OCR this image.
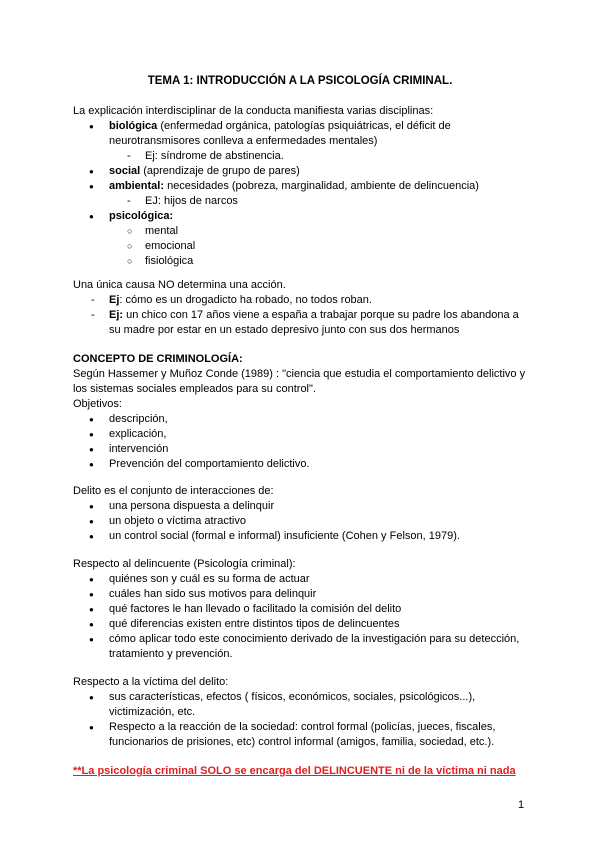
TEMA 1: INTRODUCCIÓN A LA PSICOLOGÍA CRIMINAL.

La explicación interdisciplinar de la conducta manifiesta varias disciplinas:

● biológica (enfermedad orgánica, patologías psiquiátricas, el déficit de neurotransmisores conlleva a enfermedades mentales)
- Ej: síndrome de abstinencia.
● social (aprendizaje de grupo de pares)
● ambiental: necesidades (pobreza, marginalidad, ambiente de delincuencia)
- EJ: hijos de narcos
● psicológica:
○ mental
○ emocional
○ fisiológica

Una única causa NO determina una acción.

- Ej: cómo es un drogadicto ha robado, no todos roban.
- Ej: un chico con 17 años viene a españa a trabajar porque su padre los abandona a su madre por estar en un estado depresivo junto con sus dos hermanos

CONCEPTO DE CRIMINOLOGÍA:

Según Hassemer y Muñoz Conde (1989) : "ciencia que estudia el comportamiento delictivo y los sistemas sociales empleados para su control".

Objetivos:

● descripción,
● explicación,
● intervención
● Prevención del comportamiento delictivo.

Delito es el conjunto de interacciones de:

● una persona dispuesta a delinquir
● un objeto o víctima atractivo
● un control social (formal e informal) insuficiente (Cohen y Felson, 1979).

Respecto al delincuente (Psicología criminal):

● quiénes son y cuál es su forma de actuar
● cuáles han sido sus motivos para delinquir
● qué factores le han llevado o facilitado la comisión del delito
● qué diferencias existen entre distintos tipos de delincuentes
● cómo aplicar todo este conocimiento derivado de la investigación para su detección, tratamiento y prevención.

Respecto a la víctima del delito:

● sus características, efectos ( físicos, económicos, sociales, psicológicos...), victimización, etc.
● Respecto a la reacción de la sociedad: control formal (policías, jueces, fiscales, funcionarios de prisiones, etc) control informal (amigos, familia, sociedad, etc.).

**La psicología criminal SOLO se encarga del DELINCUENTE ni de la víctima ni nada

1
